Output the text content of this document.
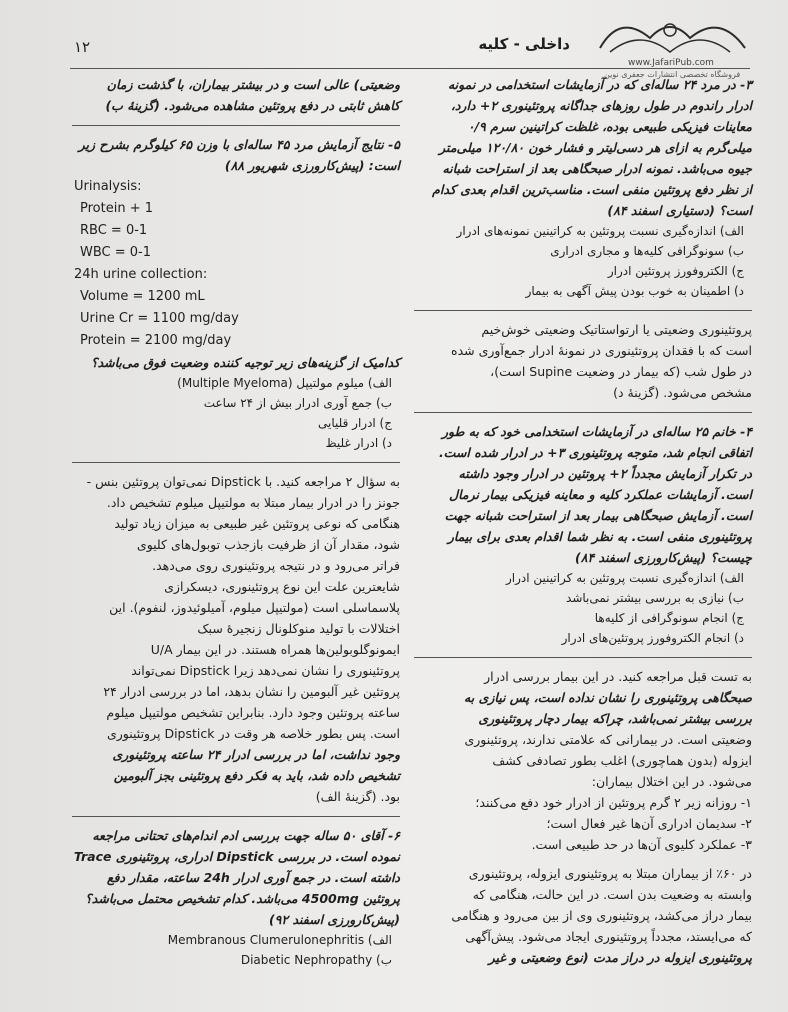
۱۲	داخلی - کلیه
www.JafariPub.com
فروشگاه تخصصی انتشارات جعفری نوین

۳- در مرد ۲۴ ساله‌ای که در آزمایشات استخدامی در نمونه

ادرار راندوم در طول روزهای جداگانه پروتئینوری ۲+ دارد،

معاینات فیزیکی طبیعی بوده، غلظت کراتینین سرم ۰/۹

میلی‌گرم به ازای هر دسی‌لیتر و فشار خون ۱۲۰/۸۰ میلی‌متر

جیوه می‌باشد. نمونه ادرار صبحگاهی بعد از استراحت شبانه

از نظر دفع پروتئین منفی است. مناسب‌ترین اقدام بعدی کدام

است؟ (دستیاری اسفند ۸۴)

الف) اندازه‌گیری نسبت پروتئین به کراتینین نمونه‌های ادرار

ب) سونوگرافی کلیه‌ها و مجاری ادراری

ج) الکتروفورز پروتئین ادرار

د) اطمینان به خوب بودن پیش آگهی به بیمار

پروتئینوری وضعیتی یا ارتواستاتیک وضعیتی خوش‌خیم

است که با فقدان پروتئینوری در نمونهٔ ادرار جمع‌آوری شده

در طول شب (که بیمار در وضعیت Supine است)،

مشخص می‌شود. (گزینهٔ د)

۴- خانم ۲۵ ساله‌ای در آزمایشات استخدامی خود که به طور

اتفاقی انجام شد، متوجه پروتئینوری ۳+ در ادرار شده است.

در تکرار آزمایش مجدداً ۲+ پروتئین در ادرار وجود داشته

است. آزمایشات عملکرد کلیه و معاینه فیزیکی بیمار نرمال

است. آزمایش صبحگاهی بیمار بعد از استراحت شبانه جهت

پروتئینوری منفی است. به نظر شما اقدام بعدی برای بیمار

چیست؟ (پیش‌کارورزی اسفند ۸۴)

الف) اندازه‌گیری نسبت پروتئین به کراتینین ادرار

ب) نیازی به بررسی بیشتر نمی‌باشد

ج) انجام سونوگرافی از کلیه‌ها

د) انجام الکتروفورز پروتئین‌های ادرار

به تست قبل مراجعه کنید. در این بیمار بررسی ادرار

صبحگاهی پروتئینوری را نشان نداده است، پس نیازی به

بررسی بیشتر نمی‌باشد، چراکه بیمار دچار پروتئینوری

وضعیتی است. در بیمارانی که علامتی ندارند، پروتئینوری

ایزوله (بدون هماچوری) اغلب بطور تصادفی کشف

می‌شود. در این اختلال بیماران:

۱- روزانه زیر ۲ گرم پروتئین از ادرار خود دفع می‌کنند؛

۲- سدیمان ادراری آن‌ها غیر فعال است؛

۳- عملکرد کلیوی آن‌ها در حد طبیعی است.

در ۶۰٪ از بیماران مبتلا به پروتئینوری ایزوله، پروتئینوری

وابسته به وضعیت بدن است. در این حالت، هنگامی که

بیمار دراز می‌کشد، پروتئینوری وی از بین می‌رود و هنگامی

که می‌ایستد، مجدداً پروتئینوری ایجاد می‌شود. پیش‌آگهی

پروتئینوری ایزوله در دراز مدت (نوع وضعیتی و غیر

وضعیتی) عالی است و در بیشتر بیماران، با گذشت زمان

کاهش ثابتی در دفع پروتئین مشاهده می‌شود. (گزینهٔ ب)

۵- نتایج آزمایش مرد ۴۵ ساله‌ای با وزن ۶۵ کیلوگرم بشرح زیر

است: (پیش‌کارورزی شهریور ۸۸)

Urinalysis:
Protein + 1
RBC = 0-1
WBC = 0-1
24h urine collection:
Volume = 1200 mL
Urine Cr = 1100 mg/day
Protein = 2100 mg/day

کدامیک از گزینه‌های زیر توجیه کننده وضعیت فوق می‌باشد؟

الف) میلوم مولتیپل (Multiple Myeloma)

ب) جمع آوری ادرار بیش از ۲۴ ساعت

ج) ادرار قلیایی

د) ادرار غلیظ

به سؤال ۲ مراجعه کنید. با Dipstick نمی‌توان پروتئین بنس -

جونز را در ادرار بیمار مبتلا به مولتیپل میلوم تشخیص داد.

هنگامی که نوعی پروتئین غیر طبیعی به میزان زیاد تولید

شود، مقدار آن از ظرفیت بازجذب توبول‌های کلیوی

فراتر می‌رود و در نتیجه پروتئینوری روی می‌دهد.

شایعترین علت این نوع پروتئینوری، دیسکرازی

پلاسماسلی است (مولتیپل میلوم، آمیلوئیدوز، لنفوم). این

اختلالات با تولید منوکلونال زنجیرهٔ سبک

ایمونوگلوبولین‌ها همراه هستند. در این بیمار U/A

پروتئینوری را نشان نمی‌دهد زیرا Dipstick نمی‌تواند

پروتئین غیر آلبومین را نشان بدهد، اما در بررسی ادرار ۲۴

ساعته پروتئین وجود دارد. بنابراین تشخیص مولتیپل میلوم

است. پس بطور خلاصه هر وقت در Dipstick پروتئینوری

وجود نداشت، اما در بررسی ادرار ۲۴ ساعته پروتئینوری

تشخیص داده شد، باید به فکر دفع پروتئینی بجز آلبومین

بود. (گزینهٔ الف)

۶- آقای ۵۰ ساله جهت بررسی ادم اندام‌های تحتانی مراجعه

نموده است. در بررسی Dipstick ادراری، پروتئینوری Trace

داشته است. در جمع آوری ادرار 24h ساعته، مقدار دفع

پروتئین 4500mg می‌باشد. کدام تشخیص محتمل می‌باشد؟

(پیش‌کارورزی اسفند ۹۲)

الف) Membranous Clumerulonephritis

ب) Diabetic Nephropathy
